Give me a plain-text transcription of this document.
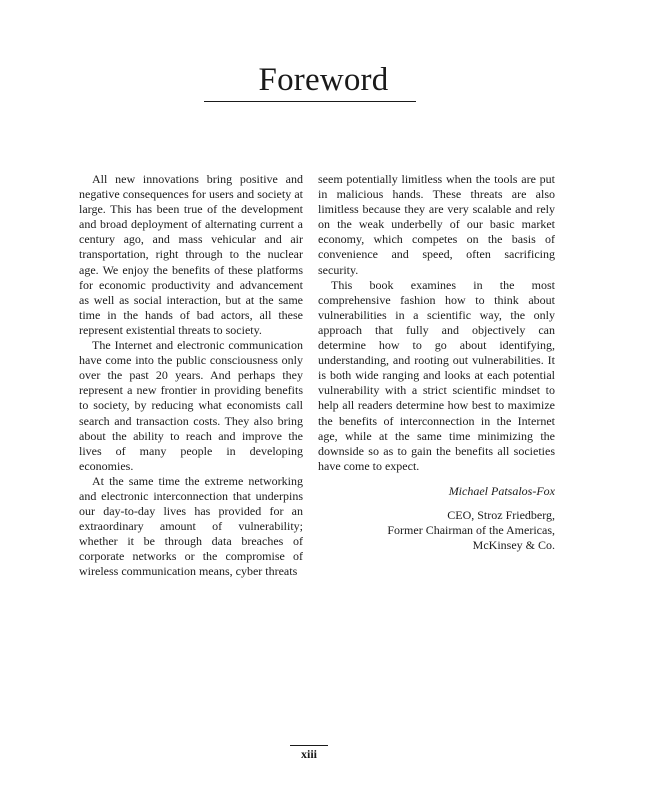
Foreword

All new innovations bring positive and negative consequences for users and society at large. This has been true of the development and broad deployment of alternating current a century ago, and mass vehicular and air transportation, right through to the nuclear age. We enjoy the benefits of these platforms for economic productivity and advancement as well as social interaction, but at the same time in the hands of bad actors, all these represent existential threats to society.

The Internet and electronic communication have come into the public consciousness only over the past 20 years. And perhaps they represent a new frontier in providing benefits to society, by reducing what economists call search and transaction costs. They also bring about the ability to reach and improve the lives of many people in developing economies.

At the same time the extreme networking and electronic interconnection that underpins our day-to-day lives has provided for an extraordinary amount of vulnerability; whether it be through data breaches of corporate networks or the compromise of wireless communication means, cyber threats

seem potentially limitless when the tools are put in malicious hands. These threats are also limitless because they are very scalable and rely on the weak underbelly of our basic market economy, which competes on the basis of convenience and speed, often sacrificing security.

This book examines in the most comprehensive fashion how to think about vulnerabilities in a scientific way, the only approach that fully and objectively can determine how to go about identifying, understanding, and rooting out vulnerabilities. It is both wide ranging and looks at each potential vulnerability with a strict scientific mindset to help all readers determine how best to maximize the benefits of interconnection in the Internet age, while at the same time minimizing the downside so as to gain the benefits all societies have come to expect.

Michael Patsalos-Fox
CEO, Stroz Friedberg,
Former Chairman of the Americas,
McKinsey & Co.
xiii
